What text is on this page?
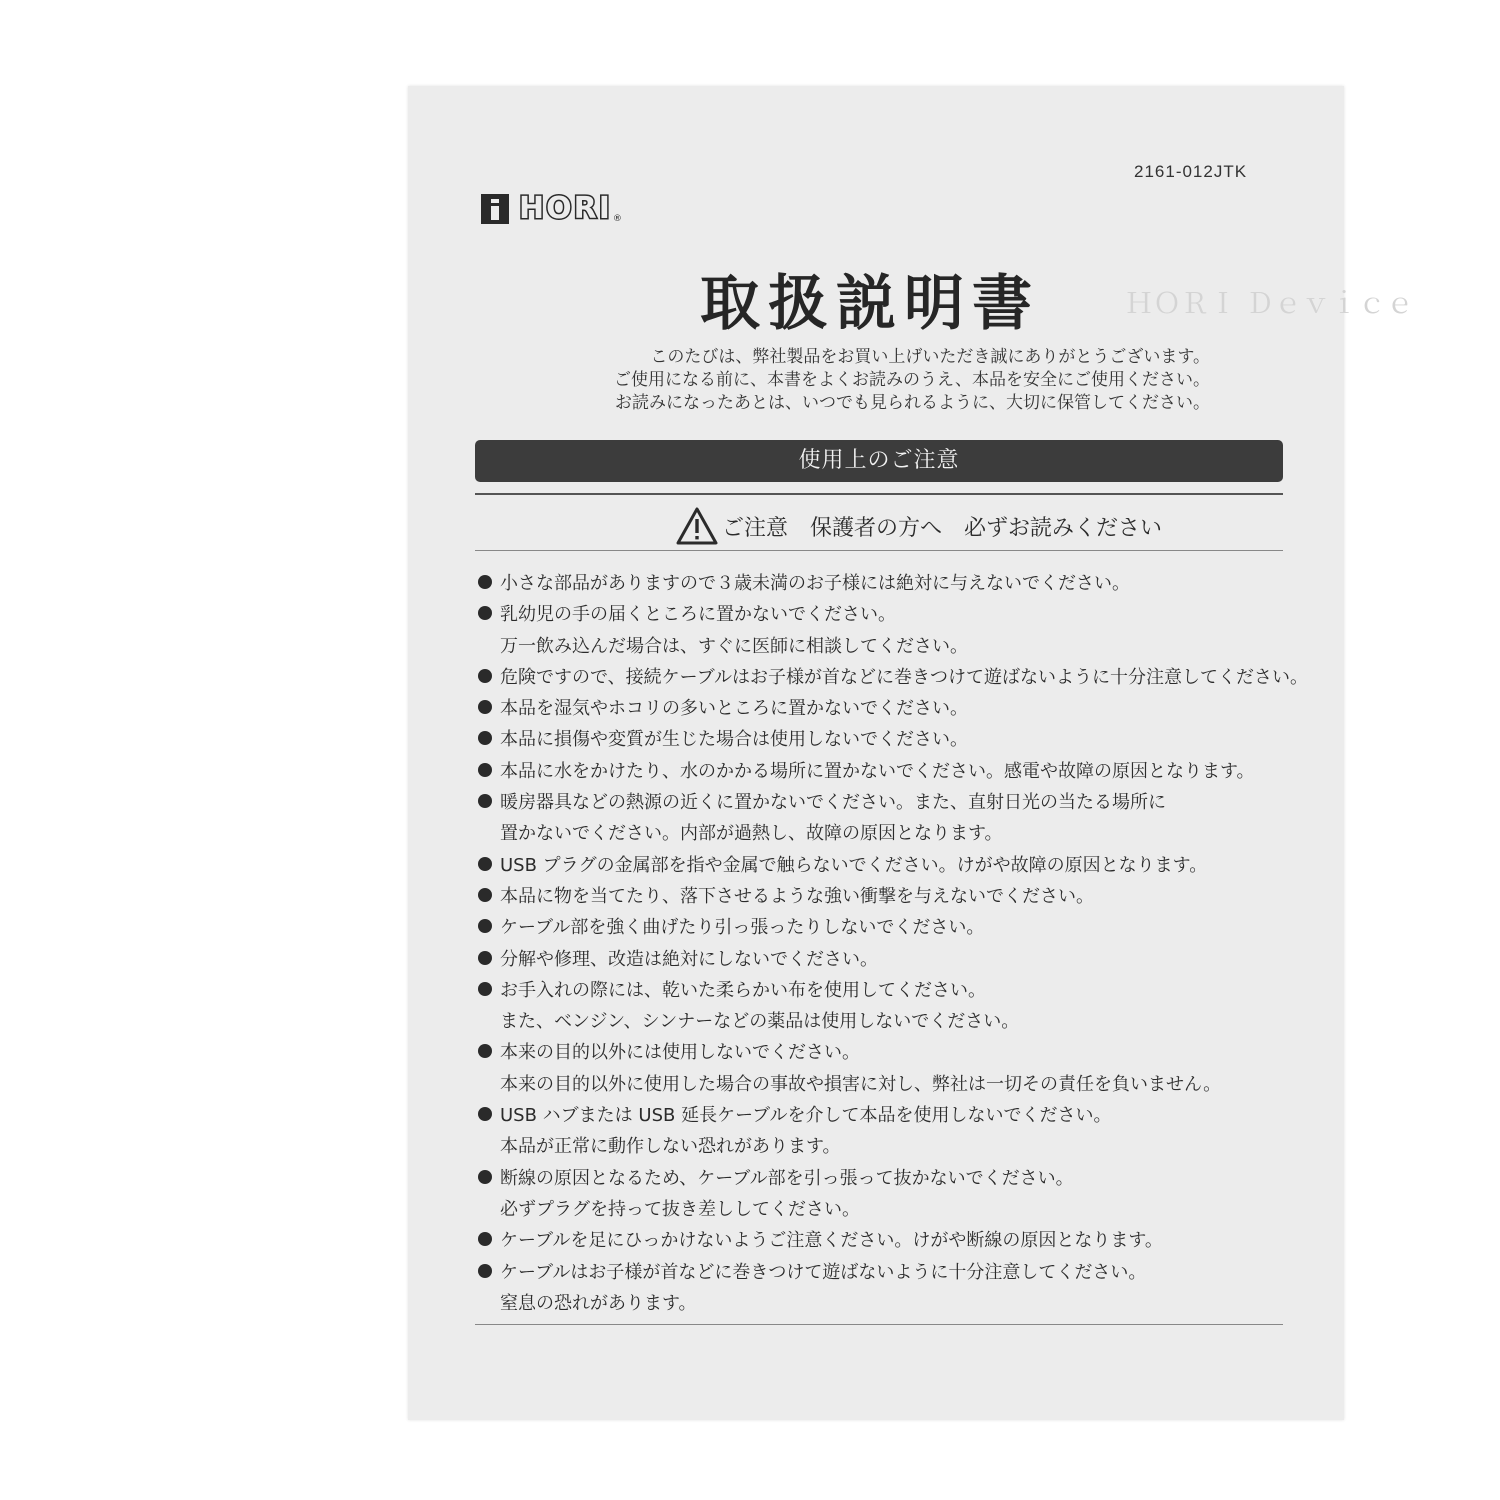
ＨＯＲＩ Ｄｅｖｉｃｅ
2161-012JTK
HORI ®
取扱説明書
このたびは、弊社製品をお買い上げいただき誠にありがとうございます。
ご使用になる前に、本書をよくお読みのうえ、本品を安全にご使用ください。
お読みになったあとは、いつでも見られるように、大切に保管してください。
使用上のご注意
ご注意 保護者の方へ 必ずお読みください
小さな部品がありますので３歳未満のお子様には絶対に与えないでください。
乳幼児の手の届くところに置かないでください。
万一飲み込んだ場合は、すぐに医師に相談してください。
危険ですので、接続ケーブルはお子様が首などに巻きつけて遊ばないように十分注意してください。
本品を湿気やホコリの多いところに置かないでください。
本品に損傷や変質が生じた場合は使用しないでください。
本品に水をかけたり、水のかかる場所に置かないでください。感電や故障の原因となります。
暖房器具などの熱源の近くに置かないでください。また、直射日光の当たる場所に
置かないでください。内部が過熱し、故障の原因となります。
USB プラグの金属部を指や金属で触らないでください。けがや故障の原因となります。
本品に物を当てたり、落下させるような強い衝撃を与えないでください。
ケーブル部を強く曲げたり引っ張ったりしないでください。
分解や修理、改造は絶対にしないでください。
お手入れの際には、乾いた柔らかい布を使用してください。
また、ベンジン、シンナーなどの薬品は使用しないでください。
本来の目的以外には使用しないでください。
本来の目的以外に使用した場合の事故や損害に対し、弊社は一切その責任を負いません。
USB ハブまたは USB 延長ケーブルを介して本品を使用しないでください。
本品が正常に動作しない恐れがあります。
断線の原因となるため、ケーブル部を引っ張って抜かないでください。
必ずプラグを持って抜き差ししてください。
ケーブルを足にひっかけないようご注意ください。けがや断線の原因となります。
ケーブルはお子様が首などに巻きつけて遊ばないように十分注意してください。
窒息の恐れがあります。
